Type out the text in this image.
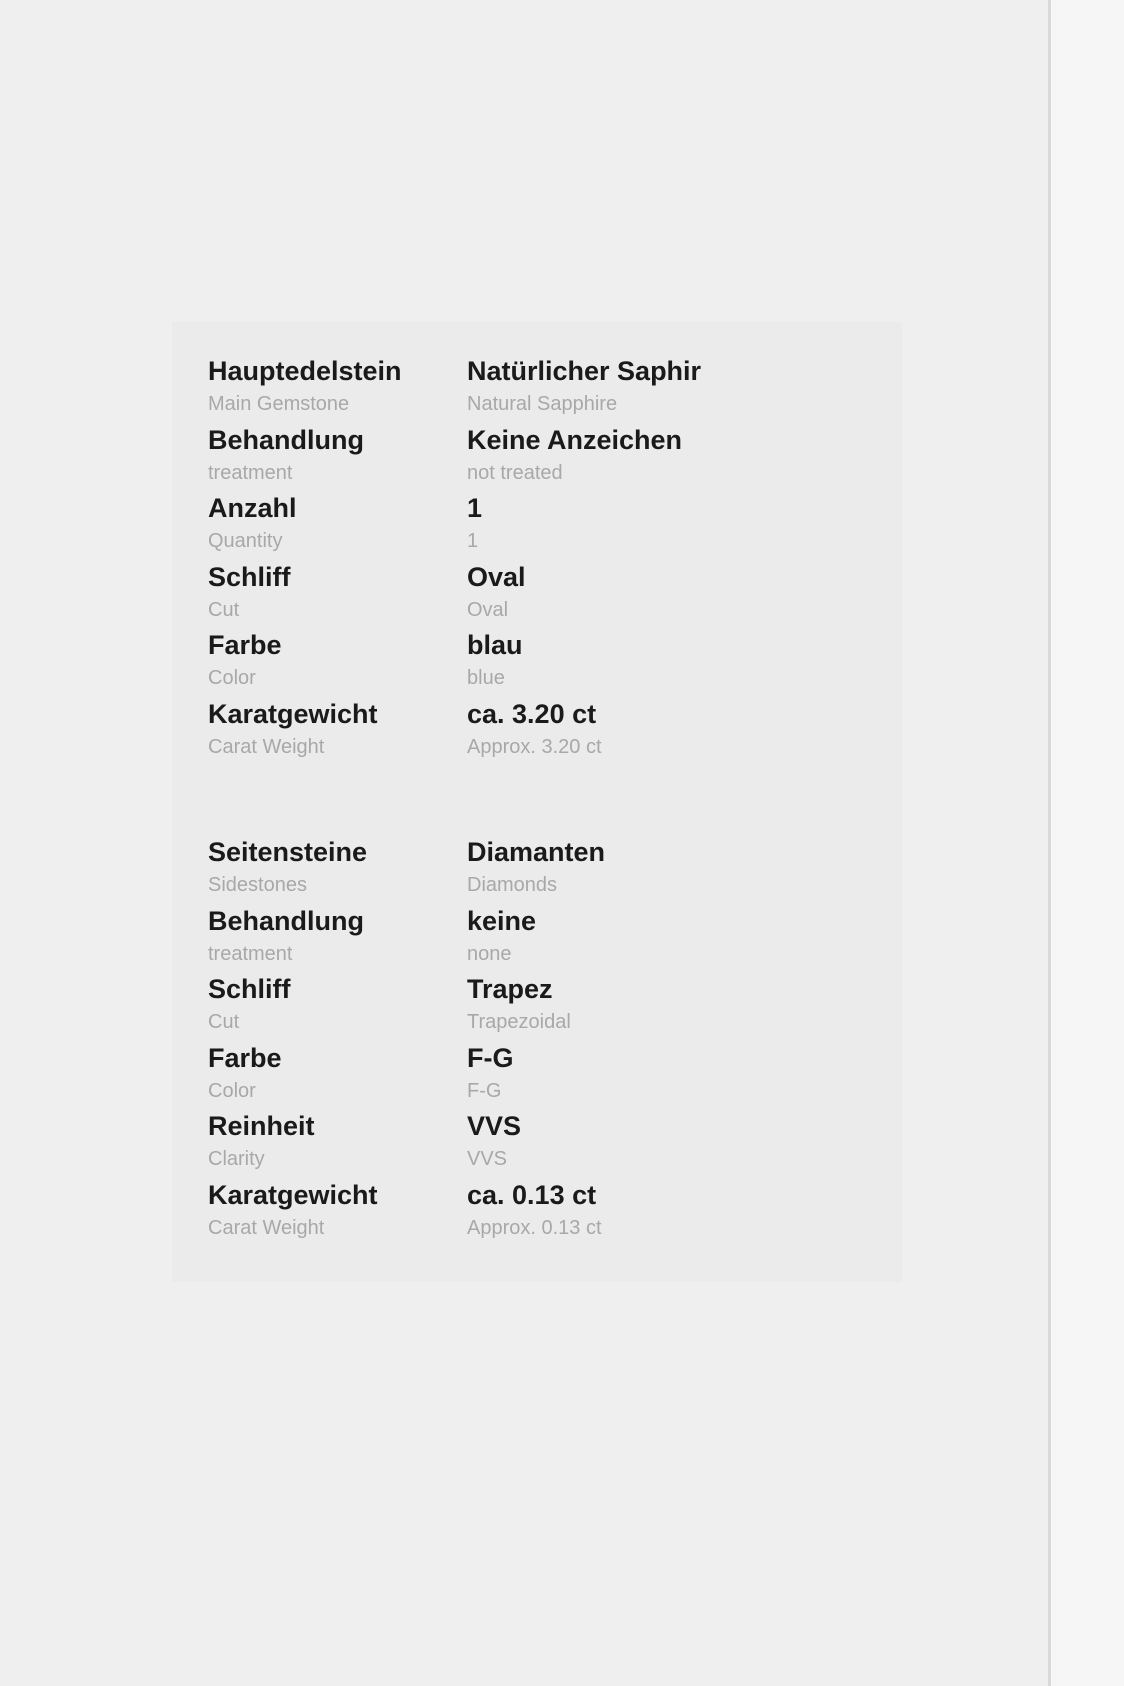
Hauptedelstein
Main Gemstone
Natürlicher Saphir
Natural Sapphire
Behandlung
treatment
Keine Anzeichen
not treated
Anzahl
Quantity
1
1
Schliff
Cut
Oval
Oval
Farbe
Color
blau
blue
Karatgewicht
Carat Weight
ca. 3.20 ct
Approx. 3.20 ct
Seitensteine
Sidestones
Diamanten
Diamonds
Behandlung
treatment
keine
none
Schliff
Cut
Trapez
Trapezoidal
Farbe
Color
F-G
F-G
Reinheit
Clarity
VVS
VVS
Karatgewicht
Carat Weight
ca. 0.13 ct
Approx. 0.13 ct
